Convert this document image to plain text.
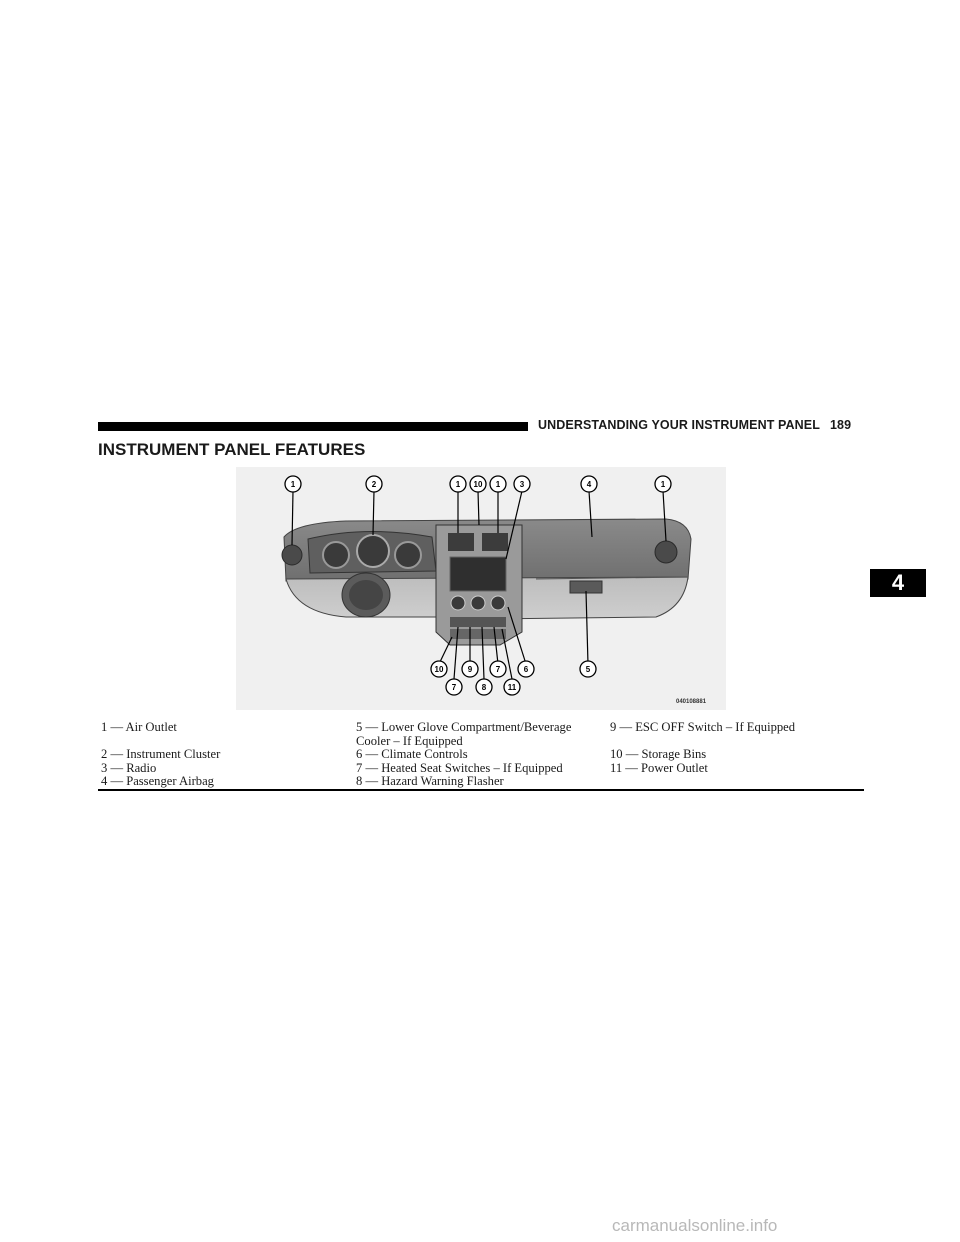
UNDERSTANDING YOUR INSTRUMENT PANEL 189
INSTRUMENT PANEL FEATURES
4
1	2	1 10 1 3	4	1
10
7
9
8
7
11
6	5
040108881
1 — Air Outlet
2 — Instrument Cluster
3 — Radio
4 — Passenger Airbag
5 — Lower Glove Compartment/Beverage Cooler – If Equipped
6 — Climate Controls
7 — Heated Seat Switches – If Equipped
8 — Hazard Warning Flasher
9 — ESC OFF Switch – If Equipped
10 — Storage Bins
11 — Power Outlet
carmanualsonline.info
